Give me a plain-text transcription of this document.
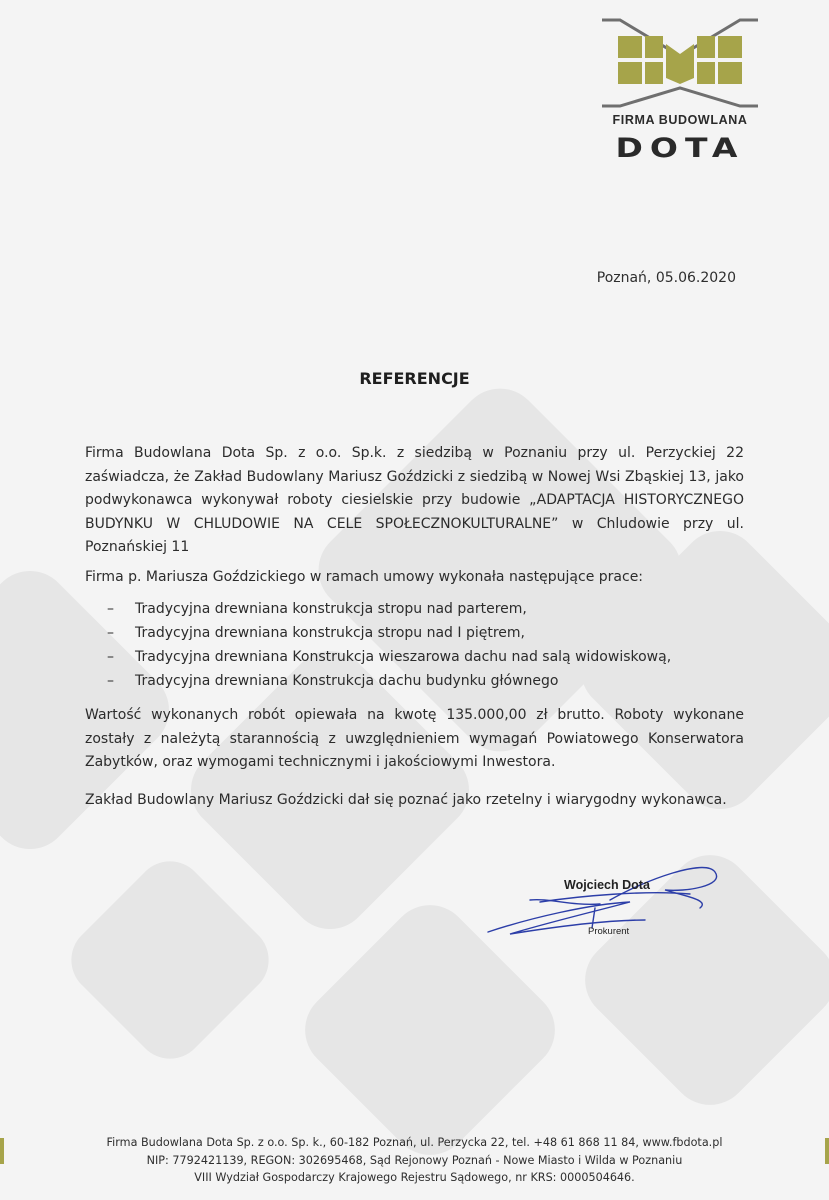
FIRMA BUDOWLANA
DOTA
Poznań, 05.06.2020
REFERENCJE
Firma Budowlana Dota Sp. z o.o. Sp.k. z siedzibą w Poznaniu przy ul. Perzyckiej 22 zaświadcza, że Zakład Budowlany Mariusz Goździcki z siedzibą w Nowej Wsi Zbąskiej 13, jako podwykonawca wykonywał roboty ciesielskie przy budowie „ADAPTACJA HISTORYCZNEGO BUDYNKU W CHLUDOWIE NA CELE SPOŁECZNOKULTURALNE” w Chludowie przy ul. Poznańskiej 11
Firma p. Mariusza Goździckiego w ramach umowy wykonała następujące prace:
– Tradycyjna drewniana konstrukcja stropu nad parterem,
– Tradycyjna drewniana konstrukcja stropu nad I piętrem,
– Tradycyjna drewniana Konstrukcja wieszarowa dachu nad salą widowiskową,
– Tradycyjna drewniana Konstrukcja dachu budynku głównego
Wartość wykonanych robót opiewała na kwotę 135.000,00 zł brutto. Roboty wykonane zostały z należytą starannością z uwzględnieniem wymagań Powiatowego Konserwatora Zabytków, oraz wymogami technicznymi i jakościowymi Inwestora.
Zakład Budowlany Mariusz Goździcki dał się poznać jako rzetelny i wiarygodny wykonawca.
Wojciech Dota
Prokurent
Firma Budowlana Dota Sp. z o.o. Sp. k., 60-182 Poznań, ul. Perzycka 22, tel. +48 61 868 11 84, www.fbdota.pl
NIP: 7792421139, REGON: 302695468, Sąd Rejonowy Poznań - Nowe Miasto i Wilda w Poznaniu
VIII Wydział Gospodarczy Krajowego Rejestru Sądowego, nr KRS: 0000504646.
